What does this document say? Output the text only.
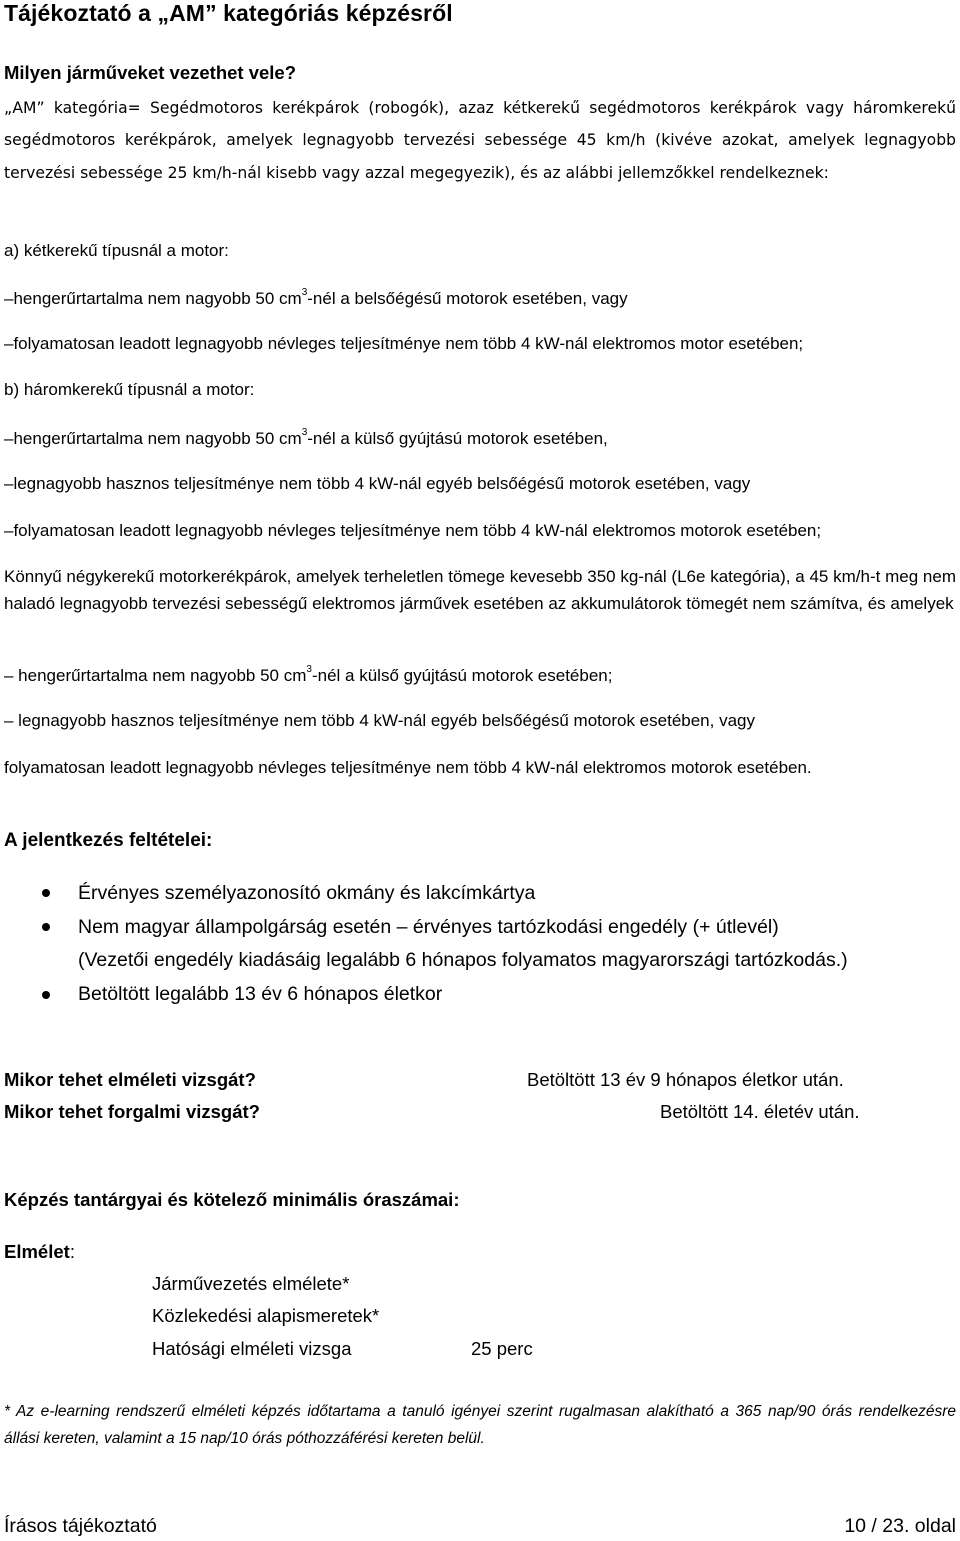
Tájékoztató a „AM” kategóriás képzésről
Milyen járműveket vezethet vele?
„AM” kategória= Segédmotoros kerékpárok (robogók), azaz kétkerekű segédmotoros kerékpárok vagy háromkerekű segédmotoros kerékpárok, amelyek legnagyobb tervezési sebessége 45 km/h (kivéve azokat, amelyek legnagyobb tervezési sebessége 25 km/h-nál kisebb vagy azzal megegyezik), és az alábbi jellemzőkkel rendelkeznek:
a) kétkerekű típusnál a motor:
–hengerűrtartalma nem nagyobb 50 $cm^3$-nél a belsőégésű motorok esetében, vagy
–folyamatosan leadott legnagyobb névleges teljesítménye nem több 4 kW-nál elektromos motor esetében;
b) háromkerekű típusnál a motor:
–hengerűrtartalma nem nagyobb 50 $cm^3$-nél a külső gyújtású motorok esetében,
–legnagyobb hasznos teljesítménye nem több 4 kW-nál egyéb belsőégésű motorok esetében, vagy
–folyamatosan leadott legnagyobb névleges teljesítménye nem több 4 kW-nál elektromos motorok esetében;
Könnyű négykerekű motorkerékpárok, amelyek terheletlen tömege kevesebb 350 kg-nál (L6e kategória), a 45 km/h-t meg nem haladó legnagyobb tervezési sebességű elektromos járművek esetében az akkumulátorok tömegét nem számítva, és amelyek
– hengerűrtartalma nem nagyobb 50 $cm^3$-nél a külső gyújtású motorok esetében;
– legnagyobb hasznos teljesítménye nem több 4 kW-nál egyéb belsőégésű motorok esetében, vagy
folyamatosan leadott legnagyobb névleges teljesítménye nem több 4 kW-nál elektromos motorok esetében.
A jelentkezés feltételei:
Érvényes személyazonosító okmány és lakcímkártya
Nem magyar állampolgárság esetén – érvényes tartózkodási engedély (+ útlevél)
(Vezetői engedély kiadásáig legalább 6 hónapos folyamatos magyarországi tartózkodás.)
Betöltött legalább 13 év 6 hónapos életkor
Mikor tehet elméleti vizsgát?	Betöltött 13 év 9 hónapos életkor után.
Mikor tehet forgalmi vizsgát?	Betöltött 14. életév után.
Képzés tantárgyai és kötelező minimális óraszámai:
Elmélet:
Járművezetés elmélete*
Közlekedési alapismeretek*
Hatósági elméleti vizsga	25 perc
* Az e-learning rendszerű elméleti képzés időtartama a tanuló igényei szerint rugalmasan alakítható a 365 nap/90 órás rendelkezésre állási kereten, valamint a 15 nap/10 órás póthozzáférési kereten belül.
Írásos tájékoztató	10 / 23. oldal
